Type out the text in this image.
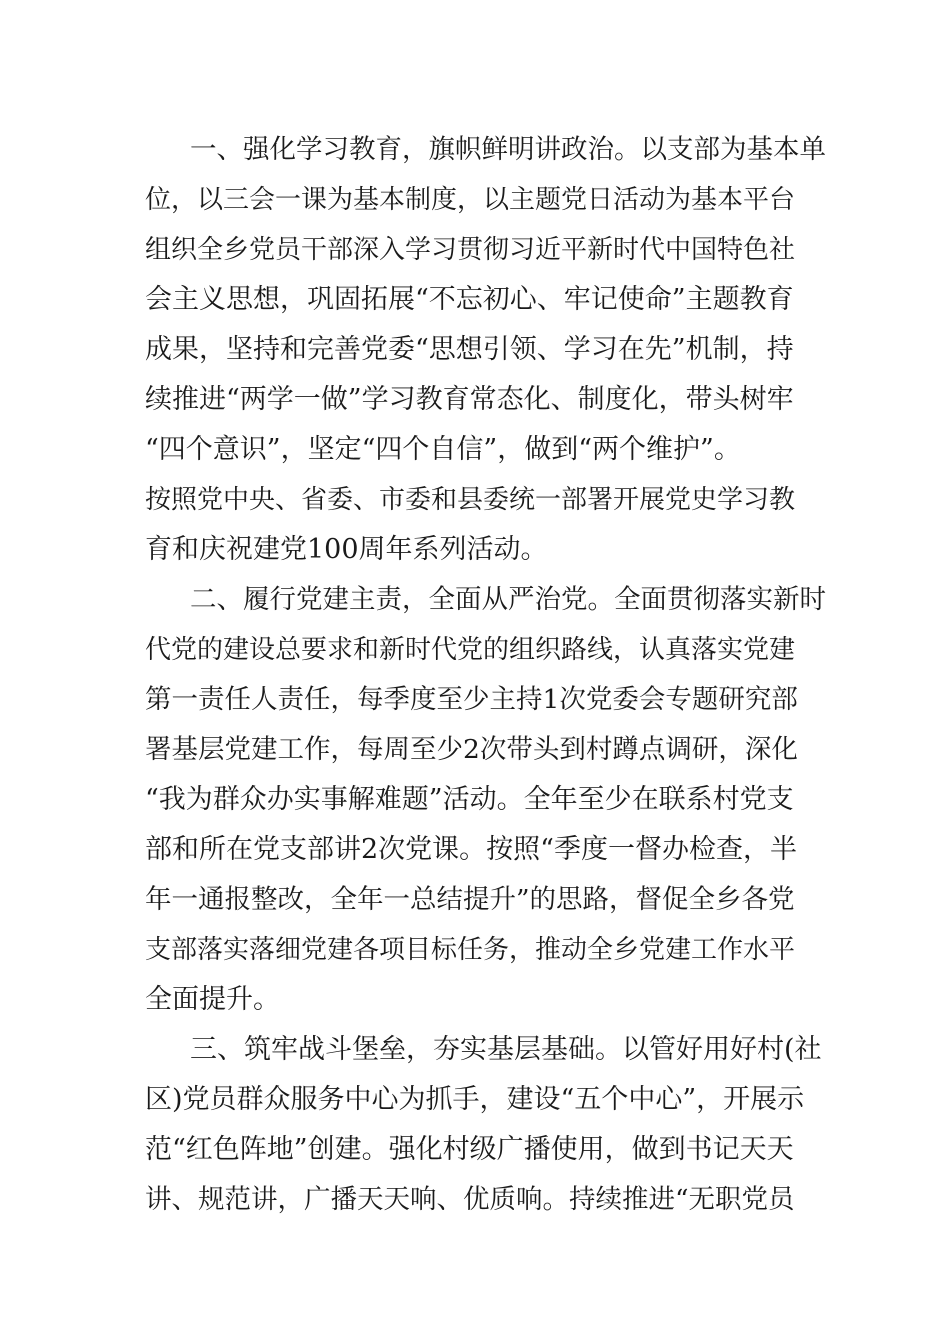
一、强化学习教育，旗帜鲜明讲政治。以支部为基本单
位，以三会一课为基本制度，以主题党日活动为基本平台
组织全乡党员干部深入学习贯彻习近平新时代中国特色社
会主义思想，巩固拓展“不忘初心、牢记使命”主题教育
成果，坚持和完善党委“思想引领、学习在先”机制，持
续推进“两学一做”学习教育常态化、制度化，带头树牢
“四个意识”，坚定“四个自信”，做到“两个维护”。
按照党中央、省委、市委和县委统一部署开展党史学习教
育和庆祝建党100周年系列活动。
二、履行党建主责，全面从严治党。全面贯彻落实新时
代党的建设总要求和新时代党的组织路线，认真落实党建
第一责任人责任，每季度至少主持1次党委会专题研究部
署基层党建工作，每周至少2次带头到村蹲点调研，深化
“我为群众办实事解难题”活动。全年至少在联系村党支
部和所在党支部讲2次党课。按照“季度一督办检查，半
年一通报整改，全年一总结提升”的思路，督促全乡各党
支部落实落细党建各项目标任务，推动全乡党建工作水平
全面提升。
三、筑牢战斗堡垒，夯实基层基础。以管好用好村(社
区)党员群众服务中心为抓手，建设“五个中心”，开展示
范“红色阵地”创建。强化村级广播使用，做到书记天天
讲、规范讲，广播天天响、优质响。持续推进“无职党员
